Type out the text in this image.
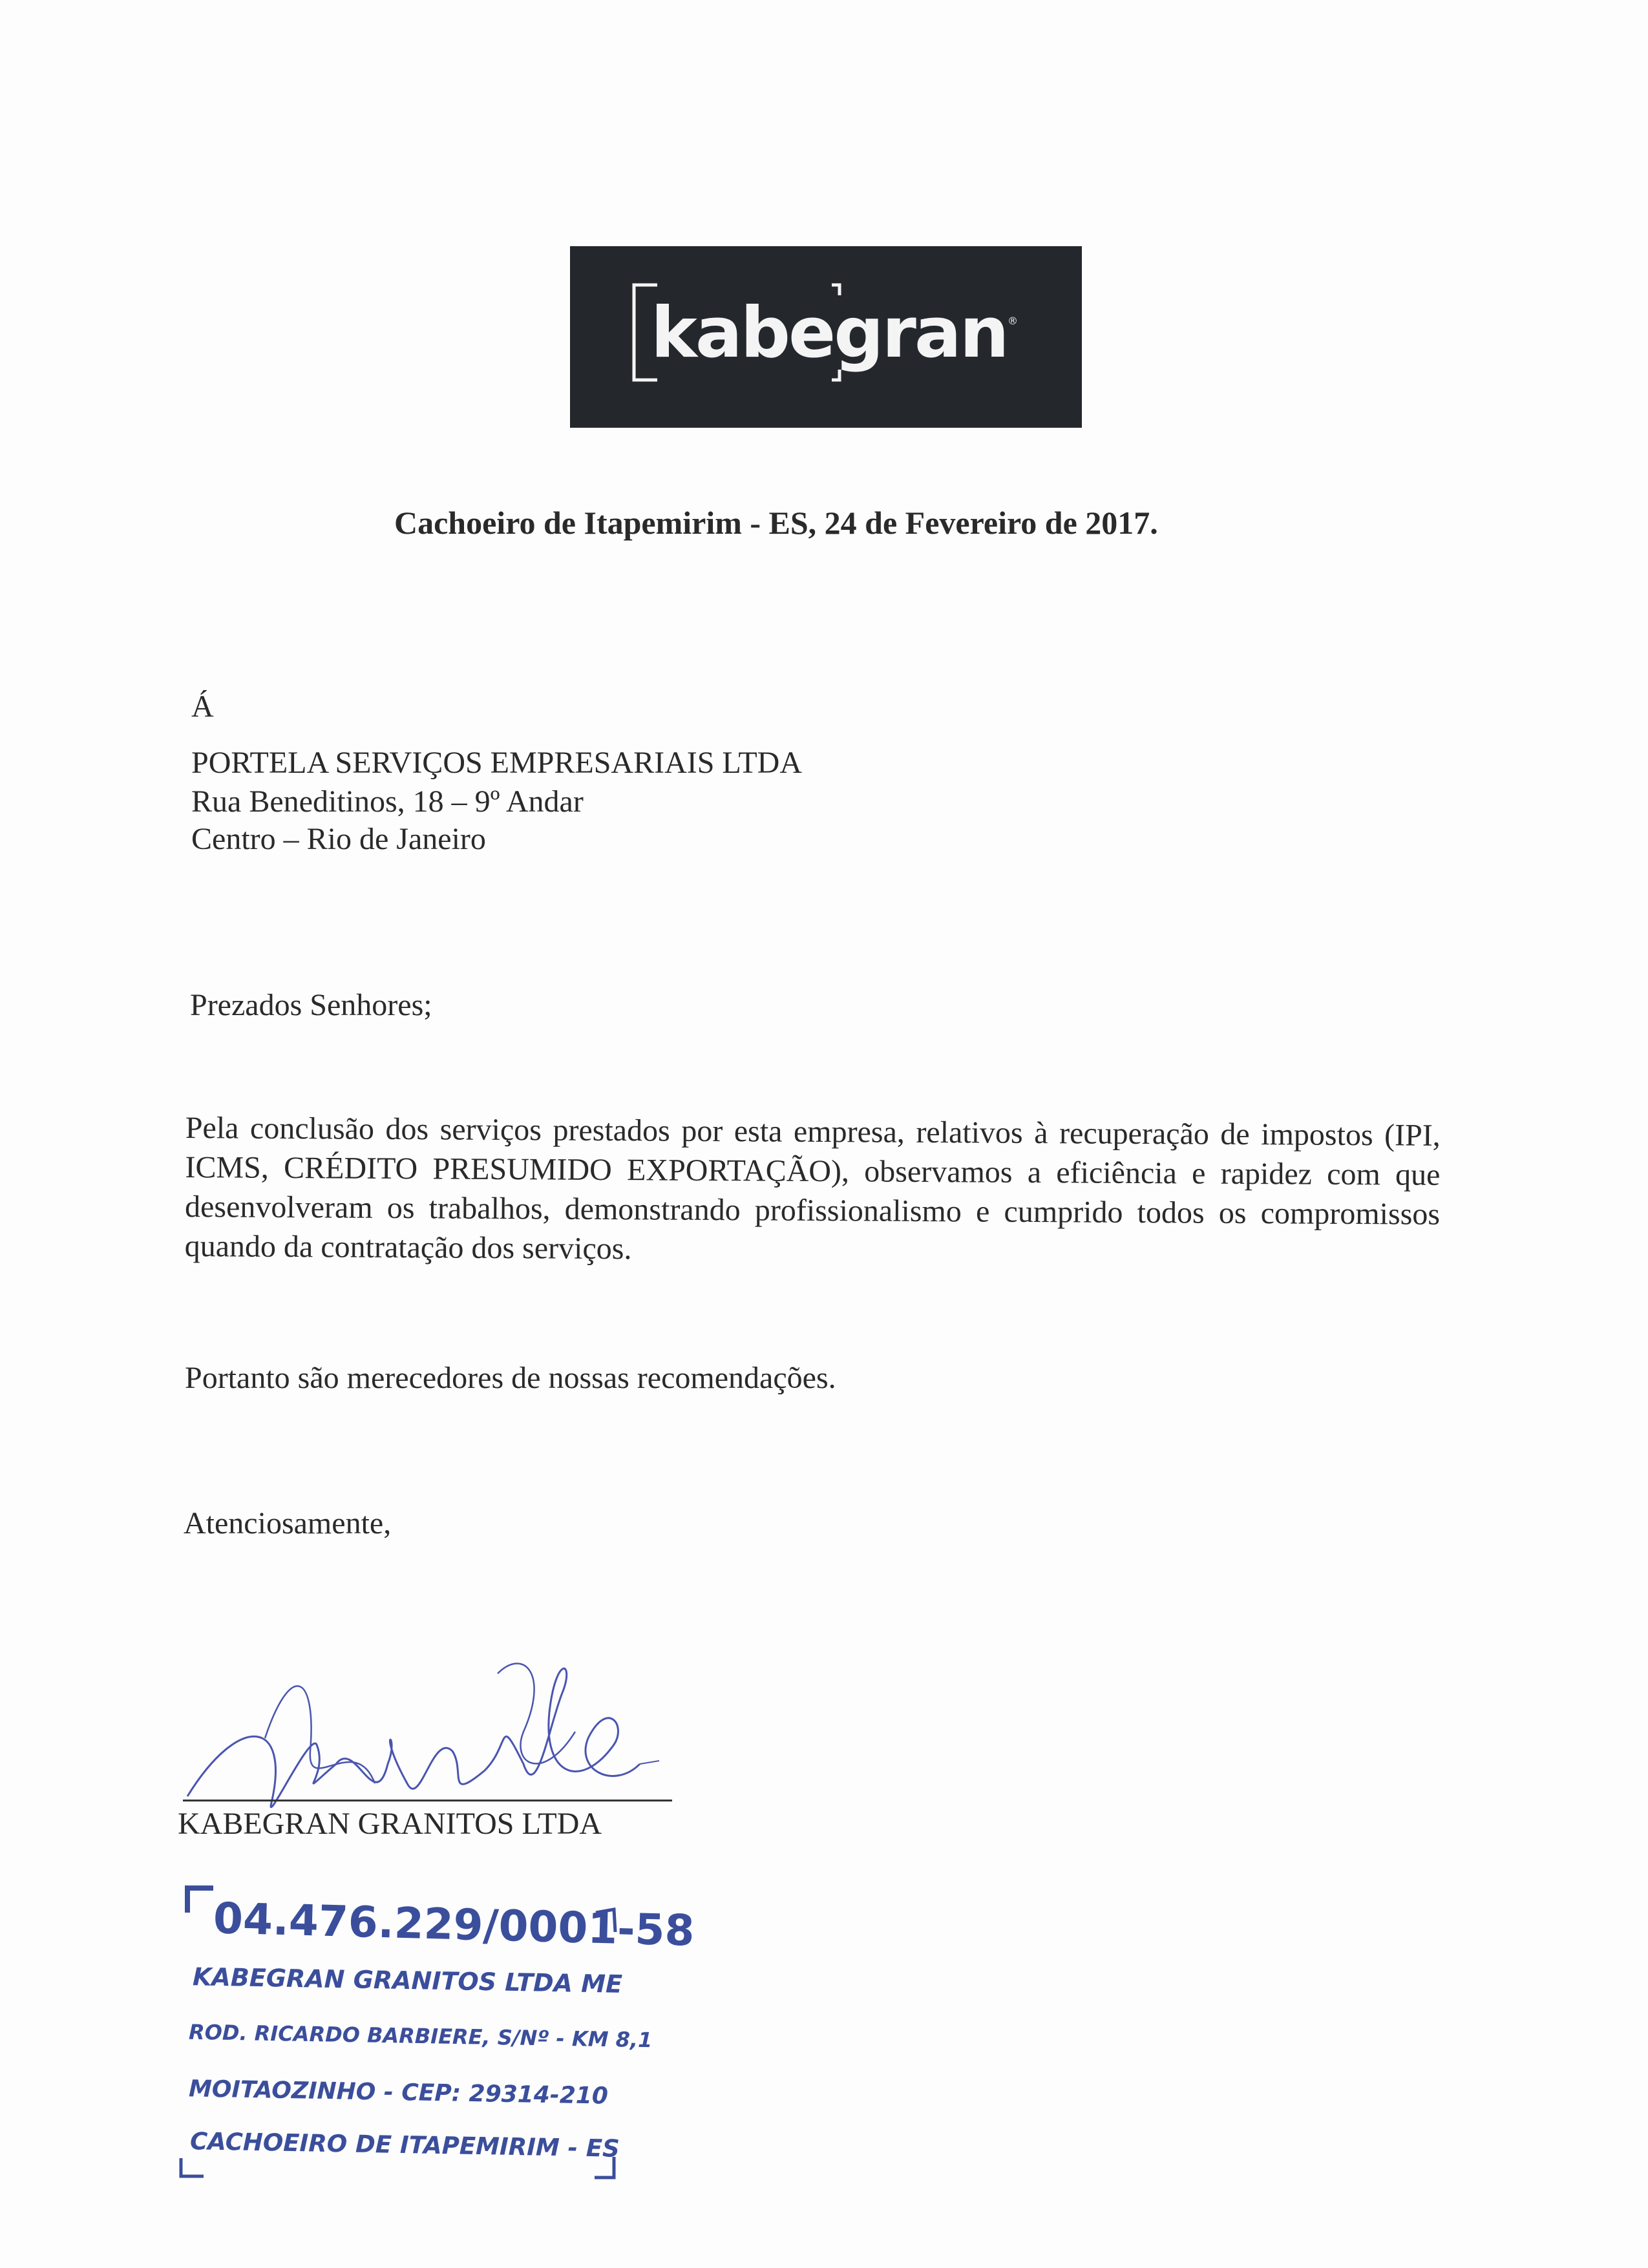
kabegran ®
Cachoeiro de Itapemirim - ES, 24 de Fevereiro de 2017.
Á
PORTELA SERVIÇOS EMPRESARIAIS LTDA
Rua Beneditinos, 18 – 9º Andar
Centro – Rio de Janeiro
Prezados Senhores;
Pela conclusão dos serviços prestados por esta empresa, relativos à recuperação de impostos (IPI, ICMS, CRÉDITO PRESUMIDO EXPORTAÇÃO), observamos a eficiência e rapidez com que desenvolveram os trabalhos, demonstrando profissionalismo e cumprido todos os compromissos quando da contratação dos serviços.
Portanto são merecedores de nossas recomendações.
Atenciosamente,
KABEGRAN GRANITOS LTDA
04.476.229/0001-58
KABEGRAN GRANITOS LTDA ME
ROD. RICARDO BARBIERE, S/Nº - KM 8,1
MOITAOZINHO - CEP: 29314-210
CACHOEIRO DE ITAPEMIRIM - ES
